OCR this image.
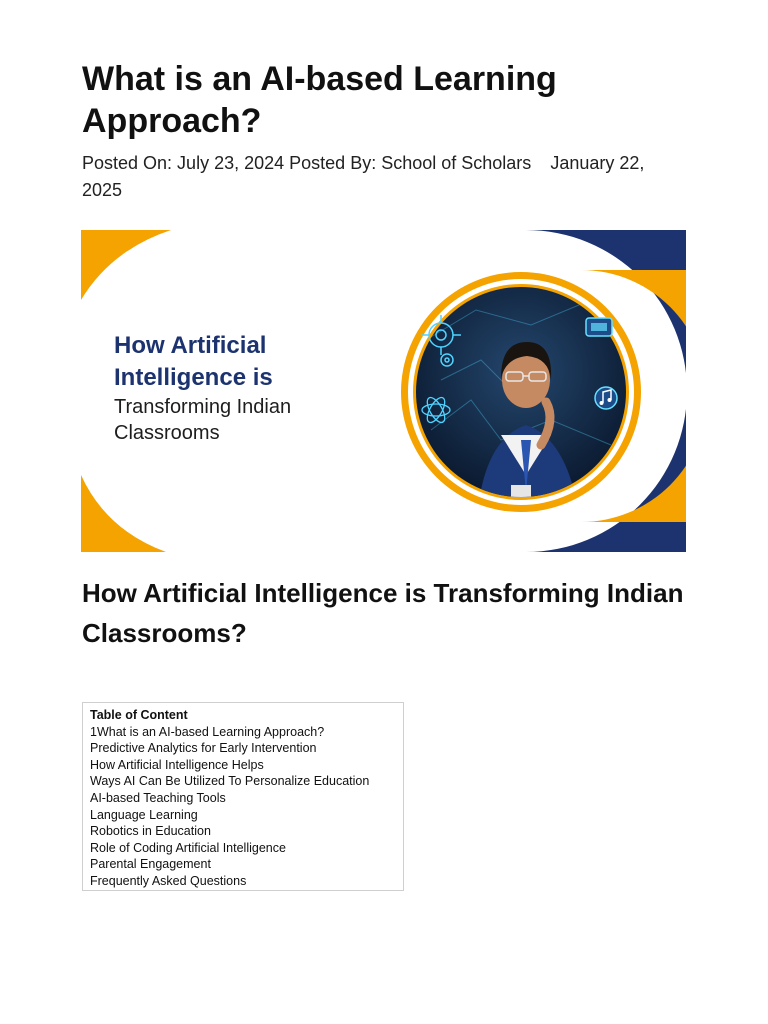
What is an AI-based Learning Approach?
Posted On: July 23, 2024 Posted By: School of Scholars January 22, 2025
How Artificial
Intelligence is
Transforming Indian
Classrooms
How Artificial Intelligence is Transforming Indian Classrooms?
Table of Content
1What is an AI-based Learning Approach?
Predictive Analytics for Early Intervention
How Artificial Intelligence Helps
Ways AI Can Be Utilized To Personalize Education
AI-based Teaching Tools
Language Learning
Robotics in Education
Role of Coding Artificial Intelligence
Parental Engagement
Frequently Asked Questions
